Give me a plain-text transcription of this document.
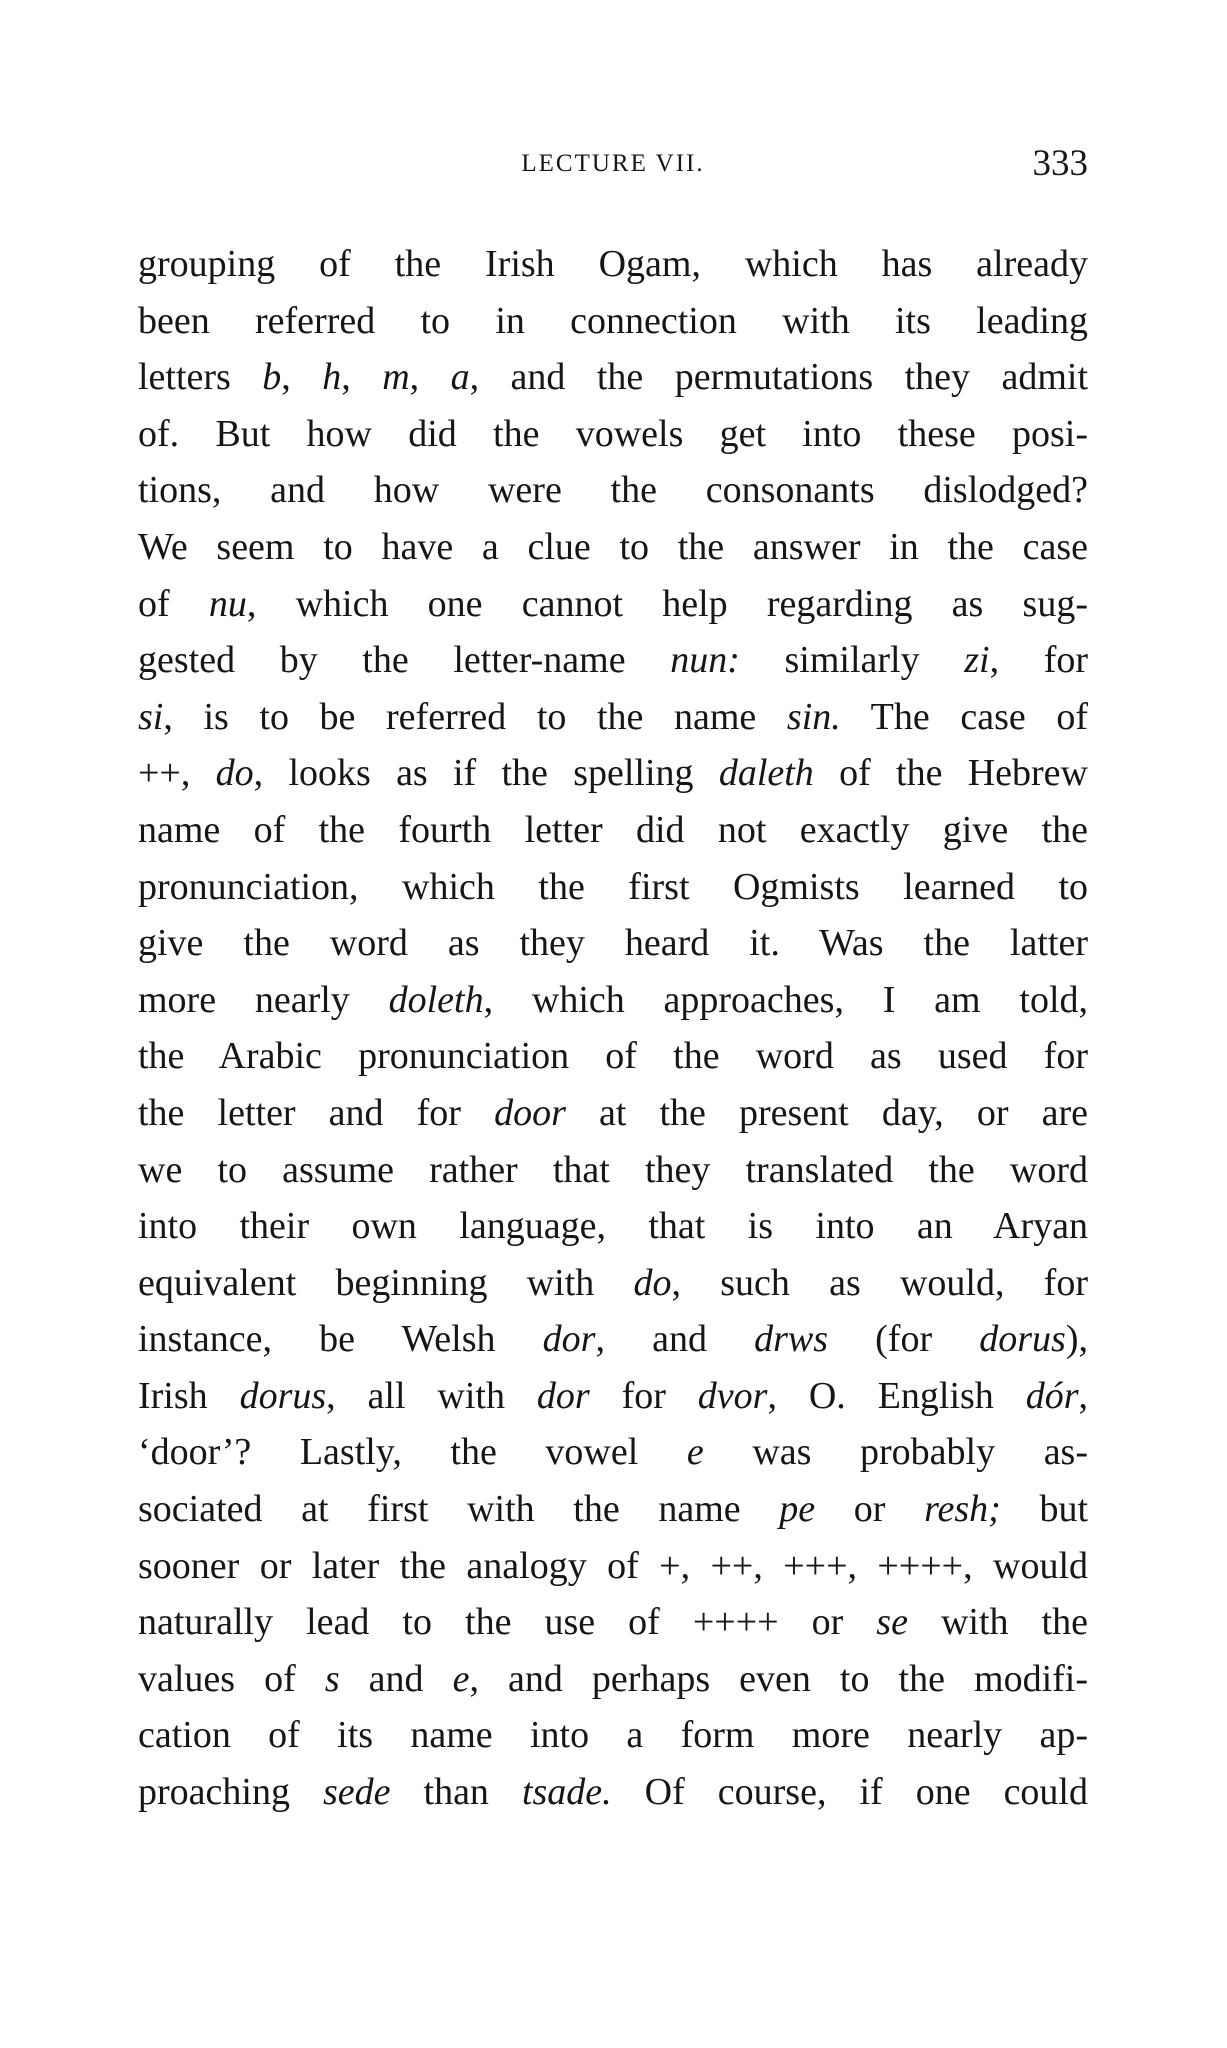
LECTURE VII.	333
grouping of the Irish Ogam, which has already
been referred to in connection with its leading
letters b, h, m, a, and the permutations they admit
of. But how did the vowels get into these posi-
tions, and how were the consonants dislodged?
We seem to have a clue to the answer in the case
of nu, which one cannot help regarding as sug-
gested by the letter-name nun: similarly zi, for
si, is to be referred to the name sin. The case of
++, do, looks as if the spelling daleth of the Hebrew
name of the fourth letter did not exactly give the
pronunciation, which the first Ogmists learned to
give the word as they heard it. Was the latter
more nearly doleth, which approaches, I am told,
the Arabic pronunciation of the word as used for
the letter and for door at the present day, or are
we to assume rather that they translated the word
into their own language, that is into an Aryan
equivalent beginning with do, such as would, for
instance, be Welsh dor, and drws (for dorus),
Irish dorus, all with dor for dvor, O. English dór,
‘door’? Lastly, the vowel e was probably as-
sociated at first with the name pe or resh; but
sooner or later the analogy of +, ++, +++, ++++, would
naturally lead to the use of ++++ or se with the
values of s and e, and perhaps even to the modifi-
cation of its name into a form more nearly ap-
proaching sede than tsade. Of course, if one could
